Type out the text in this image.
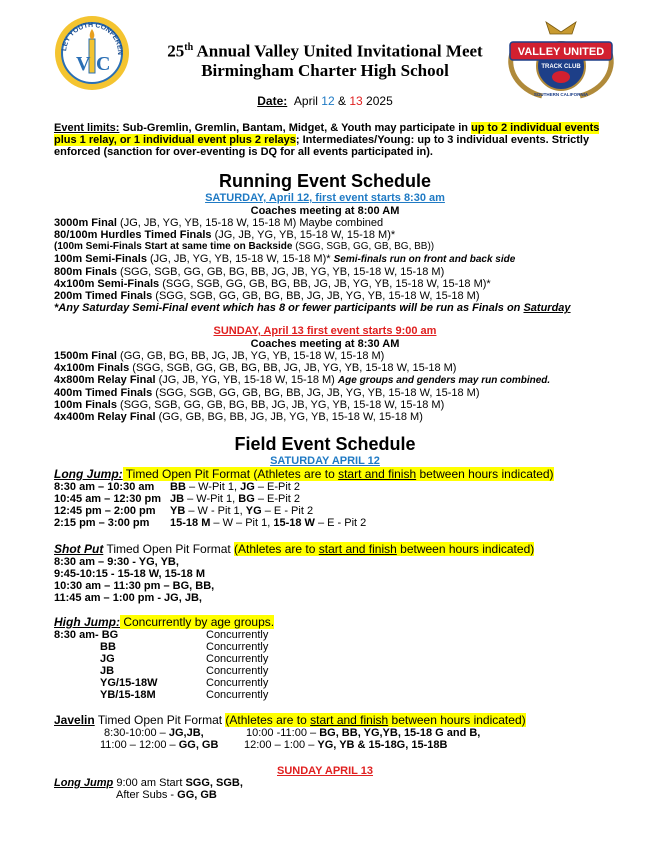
LEY YOUTH CONFEREN
V C
25th Annual Valley United Invitational Meet
Birmingham Charter High School
VALLEY UNITED
TRACK CLUB
SOUTHERN CALIFORNIA
Date: April 12 & 13 2025
Event limits: Sub-Gremlin, Gremlin, Bantam, Midget, & Youth may participate in up to 2 individual events
plus 1 relay, or 1 individual event plus 2 relays; Intermediates/Young: up to 3 individual events. Strictly
enforced (sanction for over-eventing is DQ for all events participated in).
Running Event Schedule
SATURDAY, April 12, first event starts 8:30 am
Coaches meeting at 8:00 AM
3000m Final (JG, JB, YG, YB, 15-18 W, 15-18 M) Maybe combined
80/100m Hurdles Timed Finals (JG, JB, YG, YB, 15-18 W, 15-18 M)*
(100m Semi-Finals Start at same time on Backside (SGG, SGB, GG, GB, BG, BB))
100m Semi-Finals (JG, JB, YG, YB, 15-18 W, 15-18 M)* Semi-finals run on front and back side
800m Finals (SGG, SGB, GG, GB, BG, BB, JG, JB, YG, YB, 15-18 W, 15-18 M)
4x100m Semi-Finals (SGG, SGB, GG, GB, BG, BB, JG, JB, YG, YB, 15-18 W, 15-18 M)*
200m Timed Finals (SGG, SGB, GG, GB, BG, BB, JG, JB, YG, YB, 15-18 W, 15-18 M)
*Any Saturday Semi-Final event which has 8 or fewer participants will be run as Finals on Saturday
SUNDAY, April 13 first event starts 9:00 am
Coaches meeting at 8:30 AM
1500m Final (GG, GB, BG, BB, JG, JB, YG, YB, 15-18 W, 15-18 M)
4x100m Finals (SGG, SGB, GG, GB, BG, BB, JG, JB, YG, YB, 15-18 W, 15-18 M)
4x800m Relay Final (JG, JB, YG, YB, 15-18 W, 15-18 M) Age groups and genders may run combined.
400m Timed Finals (SGG, SGB, GG, GB, BG, BB, JG, JB, YG, YB, 15-18 W, 15-18 M)
100m Finals (SGG, SGB, GG, GB, BG, BB, JG, JB, YG, YB, 15-18 W, 15-18 M)
4x400m Relay Final (GG, GB, BG, BB, JG, JB, YG, YB, 15-18 W, 15-18 M)
Field Event Schedule
SATURDAY APRIL 12
Long Jump: Timed Open Pit Format (Athletes are to start and finish between hours indicated)
8:30 am – 10:30 am BB – W-Pit 1, JG – E-Pit 2
10:45 am – 12:30 pm JB – W-Pit 1, BG – E-Pit 2
12:45 pm – 2:00 pm YB – W - Pit 1, YG – E - Pit 2
2:15 pm – 3:00 pm 15-18 M – W – Pit 1, 15-18 W – E - Pit 2
Shot Put Timed Open Pit Format (Athletes are to start and finish between hours indicated)
8:30 am – 9:30 - YG, YB,
9:45-10:15 - 15-18 W, 15-18 M
10:30 am – 11:30 pm – BG, BB,
11:45 am – 1:00 pm - JG, JB,
High Jump: Concurrently by age groups.
8:30 am- BG	Concurrently
BB	Concurrently
JG	Concurrently
JB	Concurrently
YG/15-18W	Concurrently
YB/15-18M	Concurrently
Javelin Timed Open Pit Format (Athletes are to start and finish between hours indicated)
8:30-10:00 – JG,JB,	10:00 -11:00 – BG, BB, YG,YB, 15-18 G and B,
11:00 – 12:00 – GG, GB 12:00 – 1:00 – YG, YB & 15-18G, 15-18B
SUNDAY APRIL 13
Long Jump 9:00 am Start SGG, SGB,
After Subs - GG, GB
